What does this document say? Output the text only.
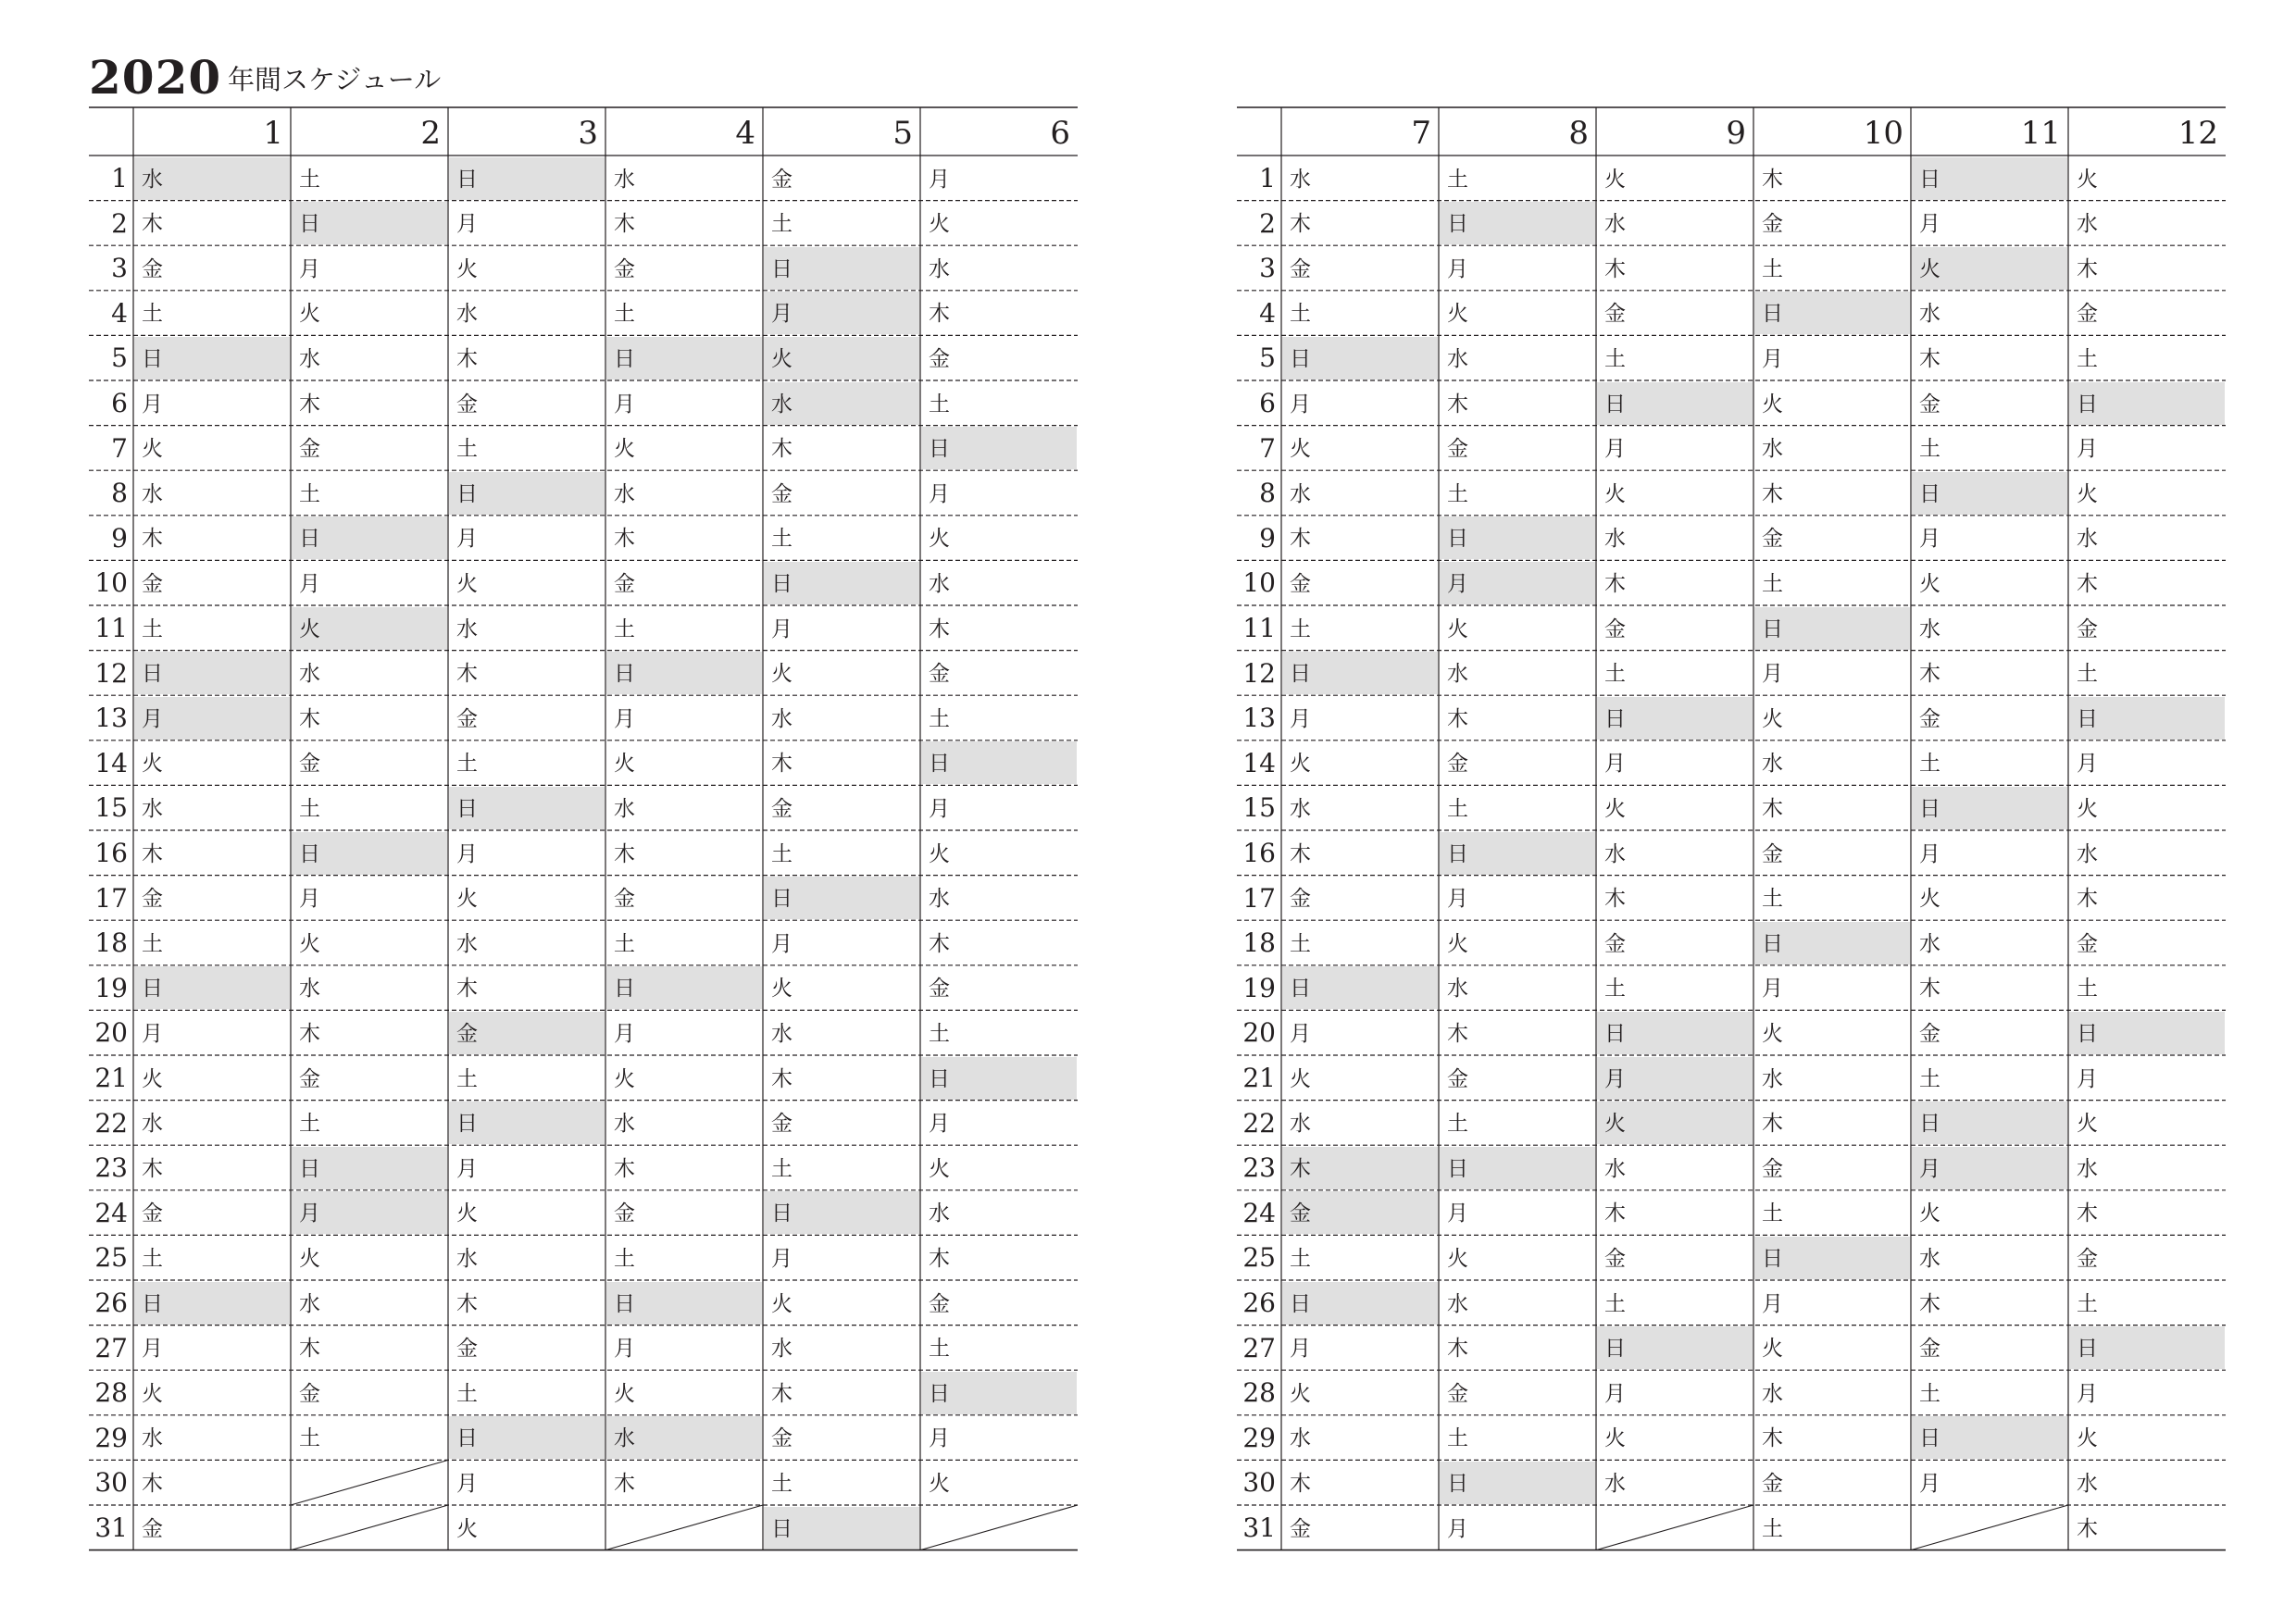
2020 年間スケジュール
1
2
3
4
5
6
7
8
9
10
11
12
13
14
15
16
17
18
19
20
21
22
23
24
25
26
27
28
29
30
31
1
水
木
金
土
日
月
火
水
木
金
土
日
月
火
水
木
金
土
日
月
火
水
木
金
土
日
月
火
水
木
金
2
土
日
月
火
水
木
金
土
日
月
火
水
木
金
土
日
月
火
水
木
金
土
日
月
火
水
木
金
土
3
日
月
火
水
木
金
土
日
月
火
水
木
金
土
日
月
火
水
木
金
土
日
月
火
水
木
金
土
日
月
火
4
水
木
金
土
日
月
火
水
木
金
土
日
月
火
水
木
金
土
日
月
火
水
木
金
土
日
月
火
水
木
5
金
土
日
月
火
水
木
金
土
日
月
火
水
木
金
土
日
月
火
水
木
金
土
日
月
火
水
木
金
土
日
6
月
火
水
木
金
土
日
月
火
水
木
金
土
日
月
火
水
木
金
土
日
月
火
水
木
金
土
日
月
火
1
2
3
4
5
6
7
8
9
10
11
12
13
14
15
16
17
18
19
20
21
22
23
24
25
26
27
28
29
30
31
7
水
木
金
土
日
月
火
水
木
金
土
日
月
火
水
木
金
土
日
月
火
水
木
金
土
日
月
火
水
木
金
8
土
日
月
火
水
木
金
土
日
月
火
水
木
金
土
日
月
火
水
木
金
土
日
月
火
水
木
金
土
日
月
9
火
水
木
金
土
日
月
火
水
木
金
土
日
月
火
水
木
金
土
日
月
火
水
木
金
土
日
月
火
水
10
木
金
土
日
月
火
水
木
金
土
日
月
火
水
木
金
土
日
月
火
水
木
金
土
日
月
火
水
木
金
土
11
日
月
火
水
木
金
土
日
月
火
水
木
金
土
日
月
火
水
木
金
土
日
月
火
水
木
金
土
日
月
12
火
水
木
金
土
日
月
火
水
木
金
土
日
月
火
水
木
金
土
日
月
火
水
木
金
土
日
月
火
水
木
